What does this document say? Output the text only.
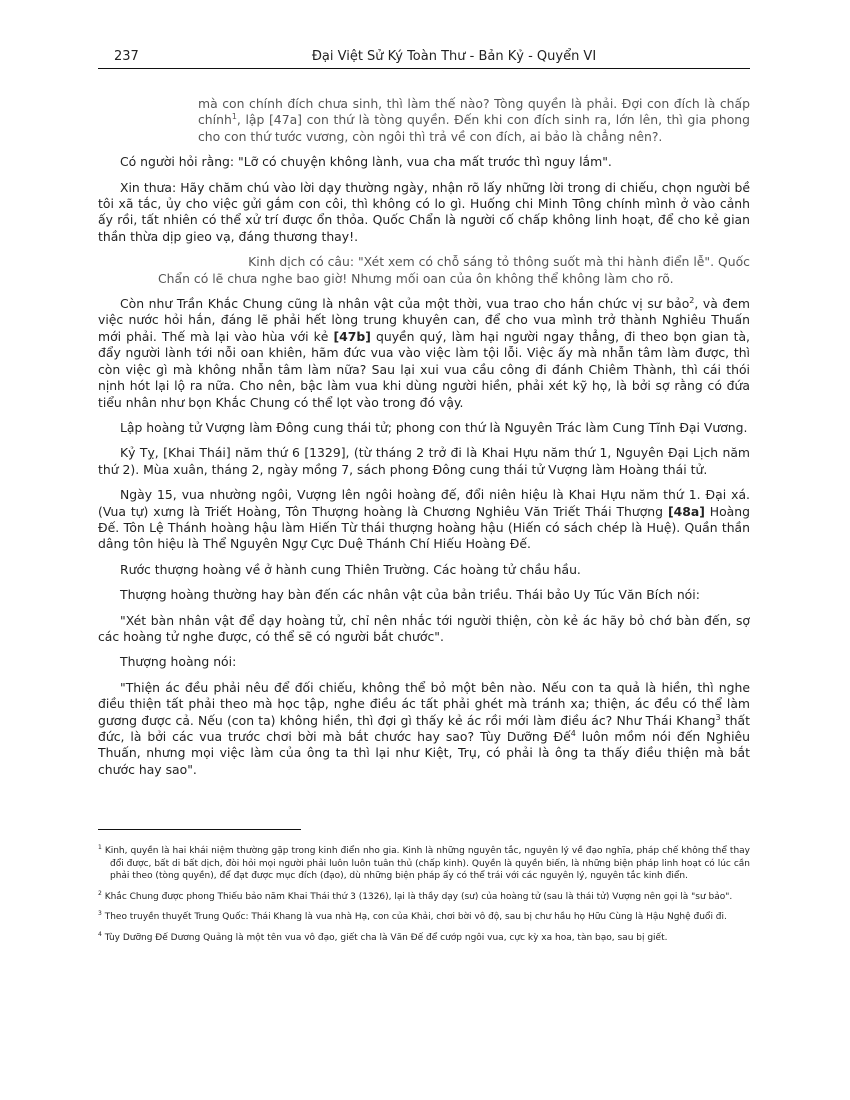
237	Đại Việt Sử Ký Toàn Thư - Bản Kỷ - Quyển VI

mà con chính đích chưa sinh, thì làm thế nào? Tòng quyền là phải. Đợi con đích là chấp chính$^1$, lập [47a] con thứ là tòng quyền. Đến khi con đích sinh ra, lớn lên, thì gia phong cho con thứ tước vương, còn ngôi thì trả về con đích, ai bảo là chẳng nên?.

Có người hỏi rằng: "Lỡ có chuyện không lành, vua cha mất trước thì nguy lắm".

Xin thưa: Hãy chăm chú vào lời dạy thường ngày, nhận rõ lấy những lời trong di chiếu, chọn người bề tôi xã tắc, ủy cho việc gửi gắm con côi, thì không có lo gì. Huống chi Minh Tông chính mình ở vào cảnh ấy rồi, tất nhiên có thể xử trí được ổn thỏa. Quốc Chẩn là người cố chấp không linh hoạt, để cho kẻ gian thần thừa dịp gieo vạ, đáng thương thay!.

Kinh dịch có câu: "Xét xem có chỗ sáng tỏ thông suốt mà thi hành điển lễ". Quốc

Chẩn có lẽ chưa nghe bao giờ! Nhưng mối oan của ôn không thể không làm cho rõ.

Còn như Trần Khắc Chung cũng là nhân vật của một thời, vua trao cho hắn chức vị sư bảo$^2$, và đem việc nước hỏi hắn, đáng lẽ phải hết lòng trung khuyên can, để cho vua mình trở thành Nghiêu Thuấn mới phải. Thế mà lại vào hùa với kẻ [47b] quyền quý, làm hại người ngay thẳng, đi theo bọn gian tà, đẩy người lành tới nỗi oan khiên, hãm đức vua vào việc làm tội lỗi. Việc ấy mà nhẫn tâm làm được, thì còn việc gì mà không nhẫn tâm làm nữa? Sau lại xui vua cầu công đi đánh Chiêm Thành, thì cái thói nịnh hót lại lộ ra nữa. Cho nên, bậc làm vua khi dùng người hiền, phải xét kỹ họ, là bởi sợ rằng có đứa tiểu nhân như bọn Khắc Chung có thể lọt vào trong đó vậy.

Lập hoàng tử Vượng làm Đông cung thái tử; phong con thứ là Nguyên Trác làm Cung Tĩnh Đại Vương.

Kỷ Tỵ, [Khai Thái] năm thứ 6 [1329], (từ tháng 2 trở đi là Khai Hựu năm thứ 1, Nguyên Đại Lịch năm thứ 2). Mùa xuân, tháng 2, ngày mồng 7, sách phong Đông cung thái tử Vượng làm Hoàng thái tử.

Ngày 15, vua nhường ngôi, Vượng lên ngôi hoàng đế, đổi niên hiệu là Khai Hựu năm thứ 1. Đại xá. (Vua tự) xưng là Triết Hoàng, Tôn Thượng hoàng là Chương Nghiêu Văn Triết Thái Thượng [48a] Hoàng Đế. Tôn Lệ Thánh hoàng hậu làm Hiến Từ thái thượng hoàng hậu (Hiến có sách chép là Huệ). Quần thần dâng tôn hiệu là Thể Nguyên Ngự Cực Duệ Thánh Chí Hiếu Hoàng Đế.

Rước thượng hoàng về ở hành cung Thiên Trường. Các hoàng tử chầu hầu.

Thượng hoàng thường hay bàn đến các nhân vật của bản triều. Thái bảo Uy Túc Văn Bích nói:

"Xét bàn nhân vật để dạy hoàng tử, chỉ nên nhắc tới người thiện, còn kẻ ác hãy bỏ chớ bàn đến, sợ các hoàng tử nghe được, có thể sẽ có người bắt chước".

Thượng hoàng nói:

"Thiện ác đều phải nêu để đối chiếu, không thể bỏ một bên nào. Nếu con ta quả là hiền, thì nghe điều thiện tất phải theo mà học tập, nghe điều ác tất phải ghét mà tránh xa; thiện, ác đều có thể làm gương được cả. Nếu (con ta) không hiền, thì đợi gì thấy kẻ ác rồi mới làm điều ác? Như Thái Khang$^3$ thất đức, là bởi các vua trước chơi bời mà bắt chước hay sao? Tùy Dưỡng Đế$^4$ luôn mồm nói đến Nghiêu Thuấn, nhưng mọi việc làm của ông ta thì lại như Kiệt, Trụ, có phải là ông ta thấy điều thiện mà bắt chước hay sao".

$^1$ Kinh, quyền là hai khái niệm thường gặp trong kinh điển nho gia. Kinh là những nguyên tắc, nguyên lý về đạo nghĩa, pháp chế không thể thay đổi được, bất di bất dịch, đòi hỏi mọi người phải luôn luôn tuân thủ (chấp kinh). Quyền là quyền biến, là những biện pháp linh hoạt có lúc cần phải theo (tòng quyền), để đạt được mục đích (đạo), dù những biện pháp ấy có thể trái với các nguyên lý, nguyên tắc kinh điển.

$^2$ Khắc Chung được phong Thiếu bảo năm Khai Thái thứ 3 (1326), lại là thầy dạy (sư) của hoàng tử (sau là thái tử) Vượng nên gọi là "sư bảo".

$^3$ Theo truyền thuyết Trung Quốc: Thái Khang là vua nhà Hạ, con của Khải, chơi bời vô độ, sau bị chư hầu họ Hữu Cùng là Hậu Nghệ đuổi đi.

$^4$ Tùy Dưỡng Đế Dương Quảng là một tên vua vô đạo, giết cha là Văn Đế để cướp ngôi vua, cực kỳ xa hoa, tàn bạo, sau bị giết.
